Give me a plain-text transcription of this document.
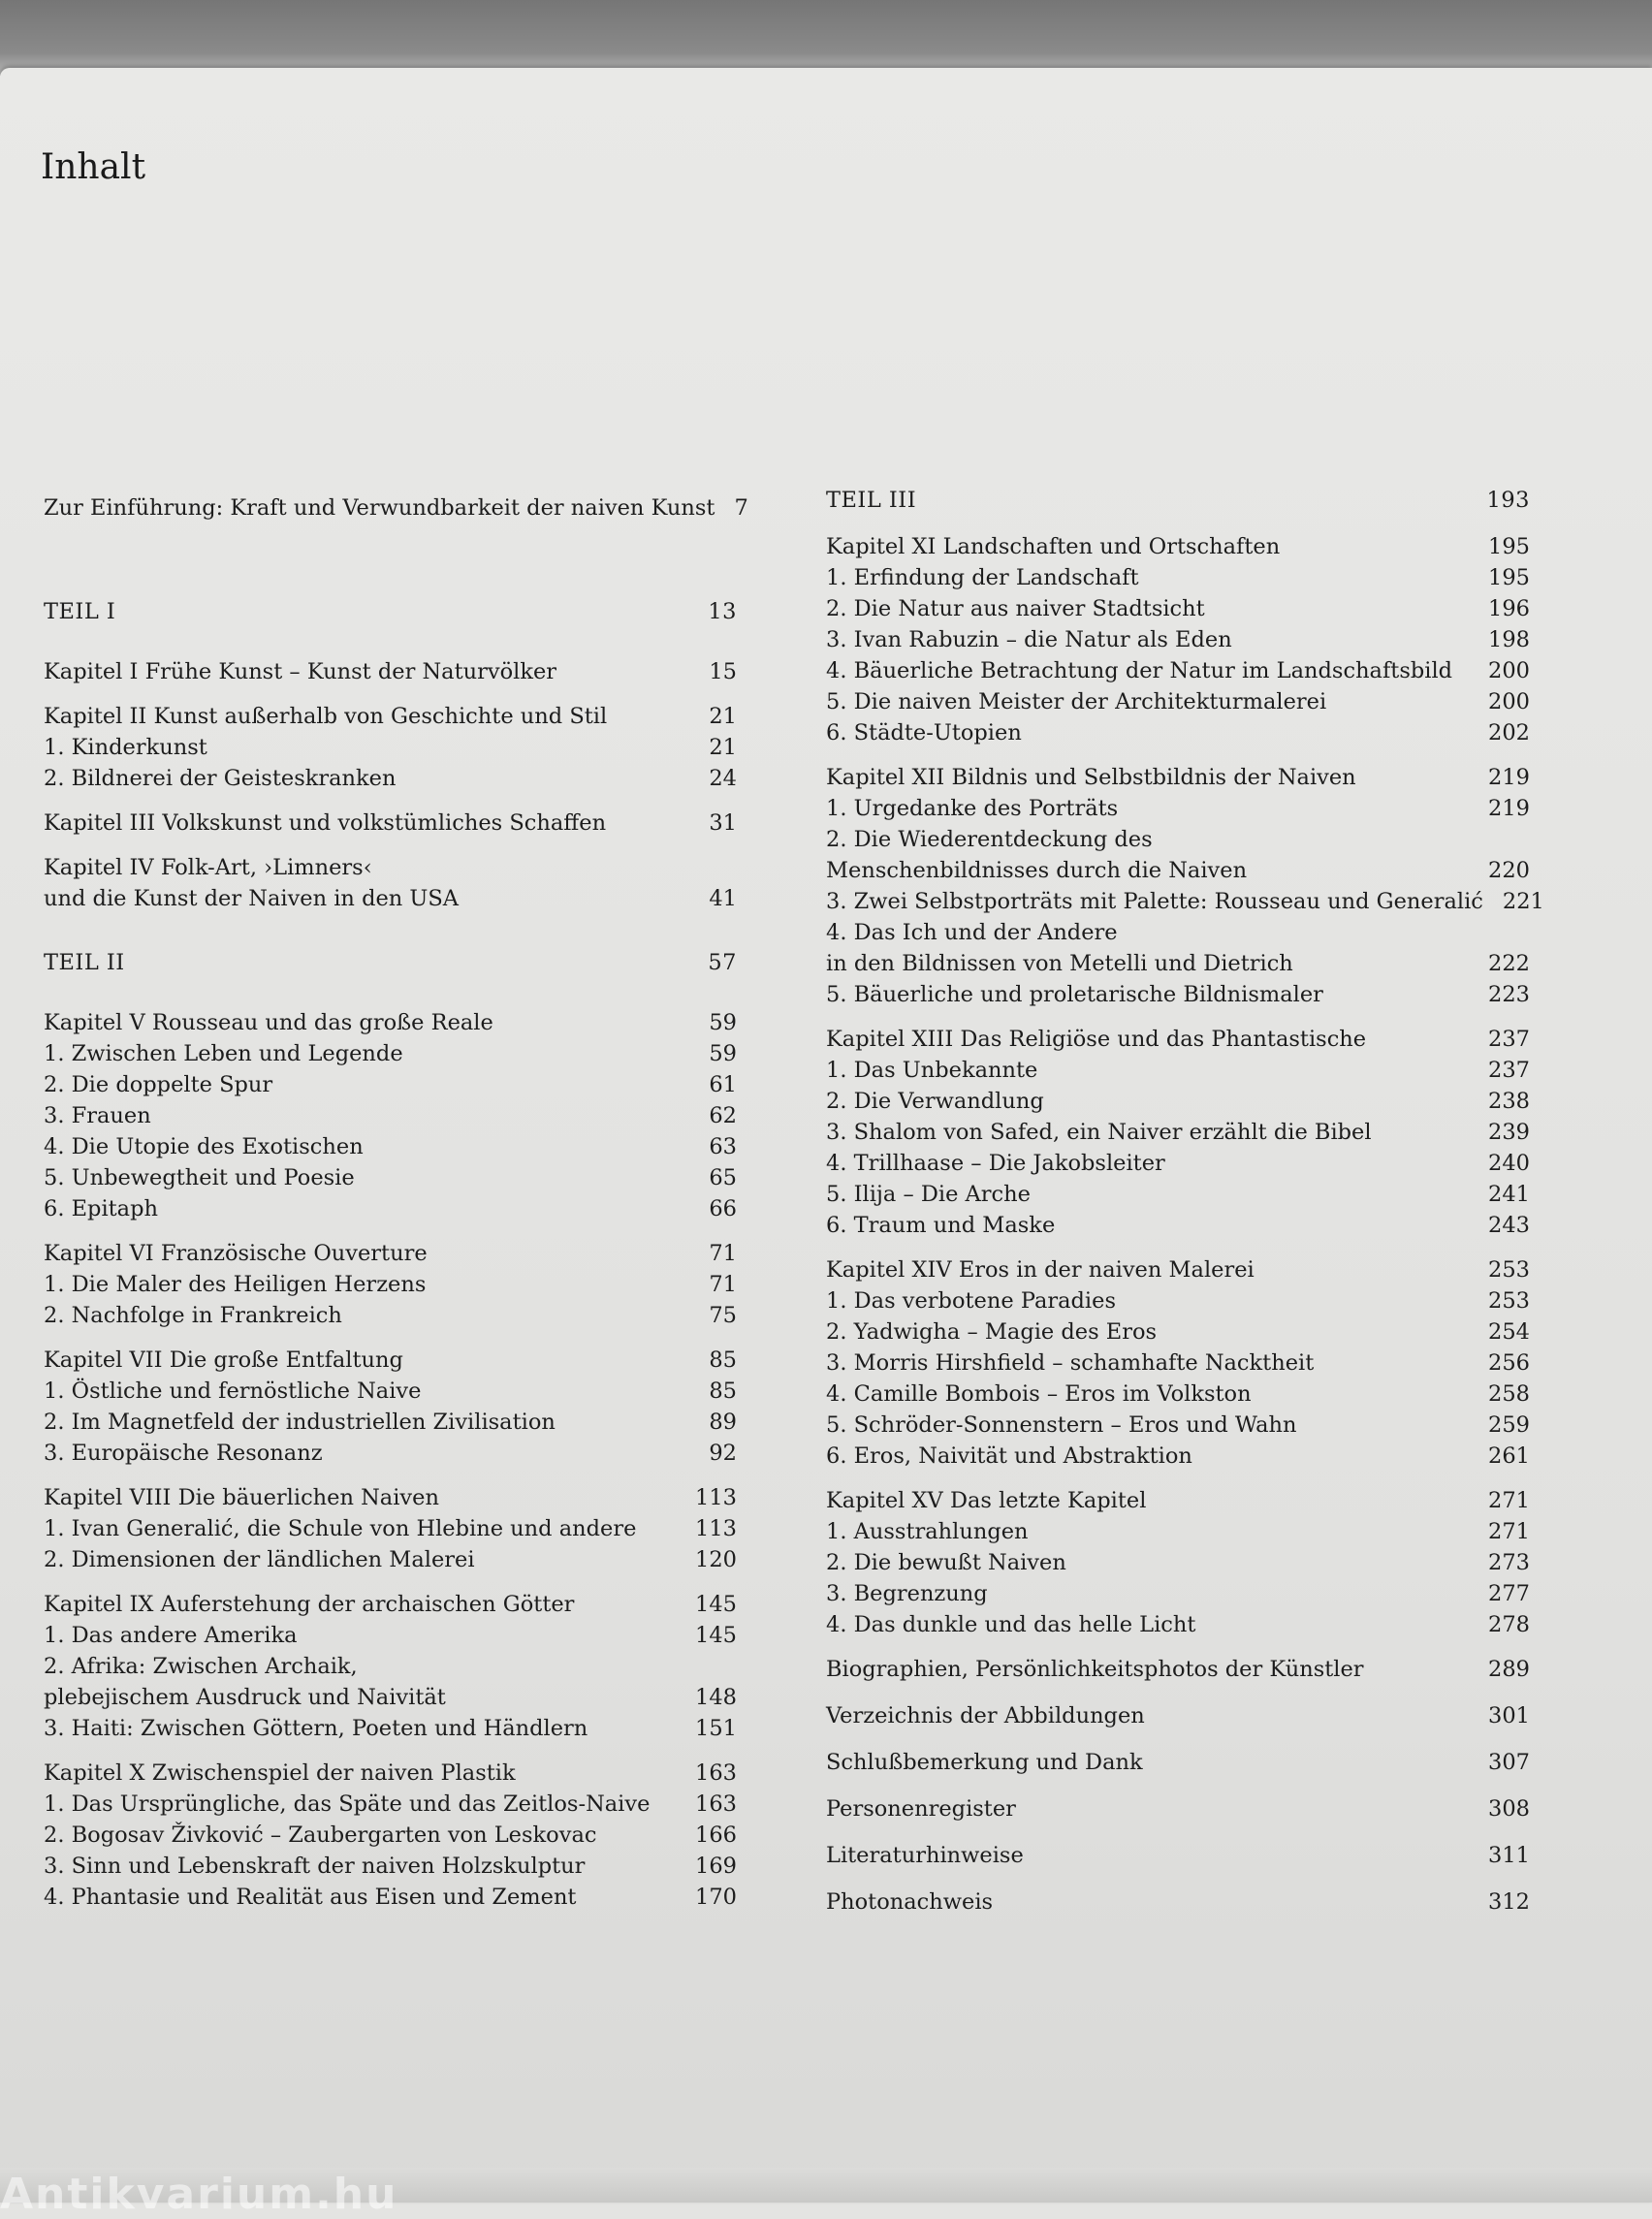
Inhalt
Zur Einführung: Kraft und Verwundbarkeit der naiven Kunst 7
TEIL I	13
Kapitel I Frühe Kunst – Kunst der Naturvölker	15
Kapitel II Kunst außerhalb von Geschichte und Stil	21
1. Kinderkunst	21
2. Bildnerei der Geisteskranken	24
Kapitel III Volkskunst und volkstümliches Schaffen	31
Kapitel IV Folk-Art, ›Limners‹
und die Kunst der Naiven in den USA	41
TEIL II	57
Kapitel V Rousseau und das große Reale	59
1. Zwischen Leben und Legende	59
2. Die doppelte Spur	61
3. Frauen	62
4. Die Utopie des Exotischen	63
5. Unbewegtheit und Poesie	65
6. Epitaph	66
Kapitel VI Französische Ouverture	71
1. Die Maler des Heiligen Herzens	71
2. Nachfolge in Frankreich	75
Kapitel VII Die große Entfaltung	85
1. Östliche und fernöstliche Naive	85
2. Im Magnetfeld der industriellen Zivilisation	89
3. Europäische Resonanz	92
Kapitel VIII Die bäuerlichen Naiven	113
1. Ivan Generalić, die Schule von Hlebine und andere	113
2. Dimensionen der ländlichen Malerei	120
Kapitel IX Auferstehung der archaischen Götter	145
1. Das andere Amerika	145
2. Afrika: Zwischen Archaik,
plebejischem Ausdruck und Naivität	148
3. Haiti: Zwischen Göttern, Poeten und Händlern	151
Kapitel X Zwischenspiel der naiven Plastik	163
1. Das Ursprüngliche, das Späte und das Zeitlos-Naive	163
2. Bogosav Živković – Zaubergarten von Leskovac	166
3. Sinn und Lebenskraft der naiven Holzskulptur	169
4. Phantasie und Realität aus Eisen und Zement	170
TEIL III	193
Kapitel XI Landschaften und Ortschaften	195
1. Erfindung der Landschaft	195
2. Die Natur aus naiver Stadtsicht	196
3. Ivan Rabuzin – die Natur als Eden	198
4. Bäuerliche Betrachtung der Natur im Landschaftsbild	200
5. Die naiven Meister der Architekturmalerei	200
6. Städte-Utopien	202
Kapitel XII Bildnis und Selbstbildnis der Naiven	219
1. Urgedanke des Porträts	219
2. Die Wiederentdeckung des
Menschenbildnisses durch die Naiven	220
3. Zwei Selbstporträts mit Palette: Rousseau und Generalić 221
4. Das Ich und der Andere
in den Bildnissen von Metelli und Dietrich	222
5. Bäuerliche und proletarische Bildnismaler	223
Kapitel XIII Das Religiöse und das Phantastische	237
1. Das Unbekannte	237
2. Die Verwandlung	238
3. Shalom von Safed, ein Naiver erzählt die Bibel	239
4. Trillhaase – Die Jakobsleiter	240
5. Ilija – Die Arche	241
6. Traum und Maske	243
Kapitel XIV Eros in der naiven Malerei	253
1. Das verbotene Paradies	253
2. Yadwigha – Magie des Eros	254
3. Morris Hirshfield – schamhafte Nacktheit	256
4. Camille Bombois – Eros im Volkston	258
5. Schröder-Sonnenstern – Eros und Wahn	259
6. Eros, Naivität und Abstraktion	261
Kapitel XV Das letzte Kapitel	271
1. Ausstrahlungen	271
2. Die bewußt Naiven	273
3. Begrenzung	277
4. Das dunkle und das helle Licht	278
Biographien, Persönlichkeitsphotos der Künstler	289
Verzeichnis der Abbildungen	301
Schlußbemerkung und Dank	307
Personenregister	308
Literaturhinweise	311
Photonachweis	312
Antikvarium.hu
